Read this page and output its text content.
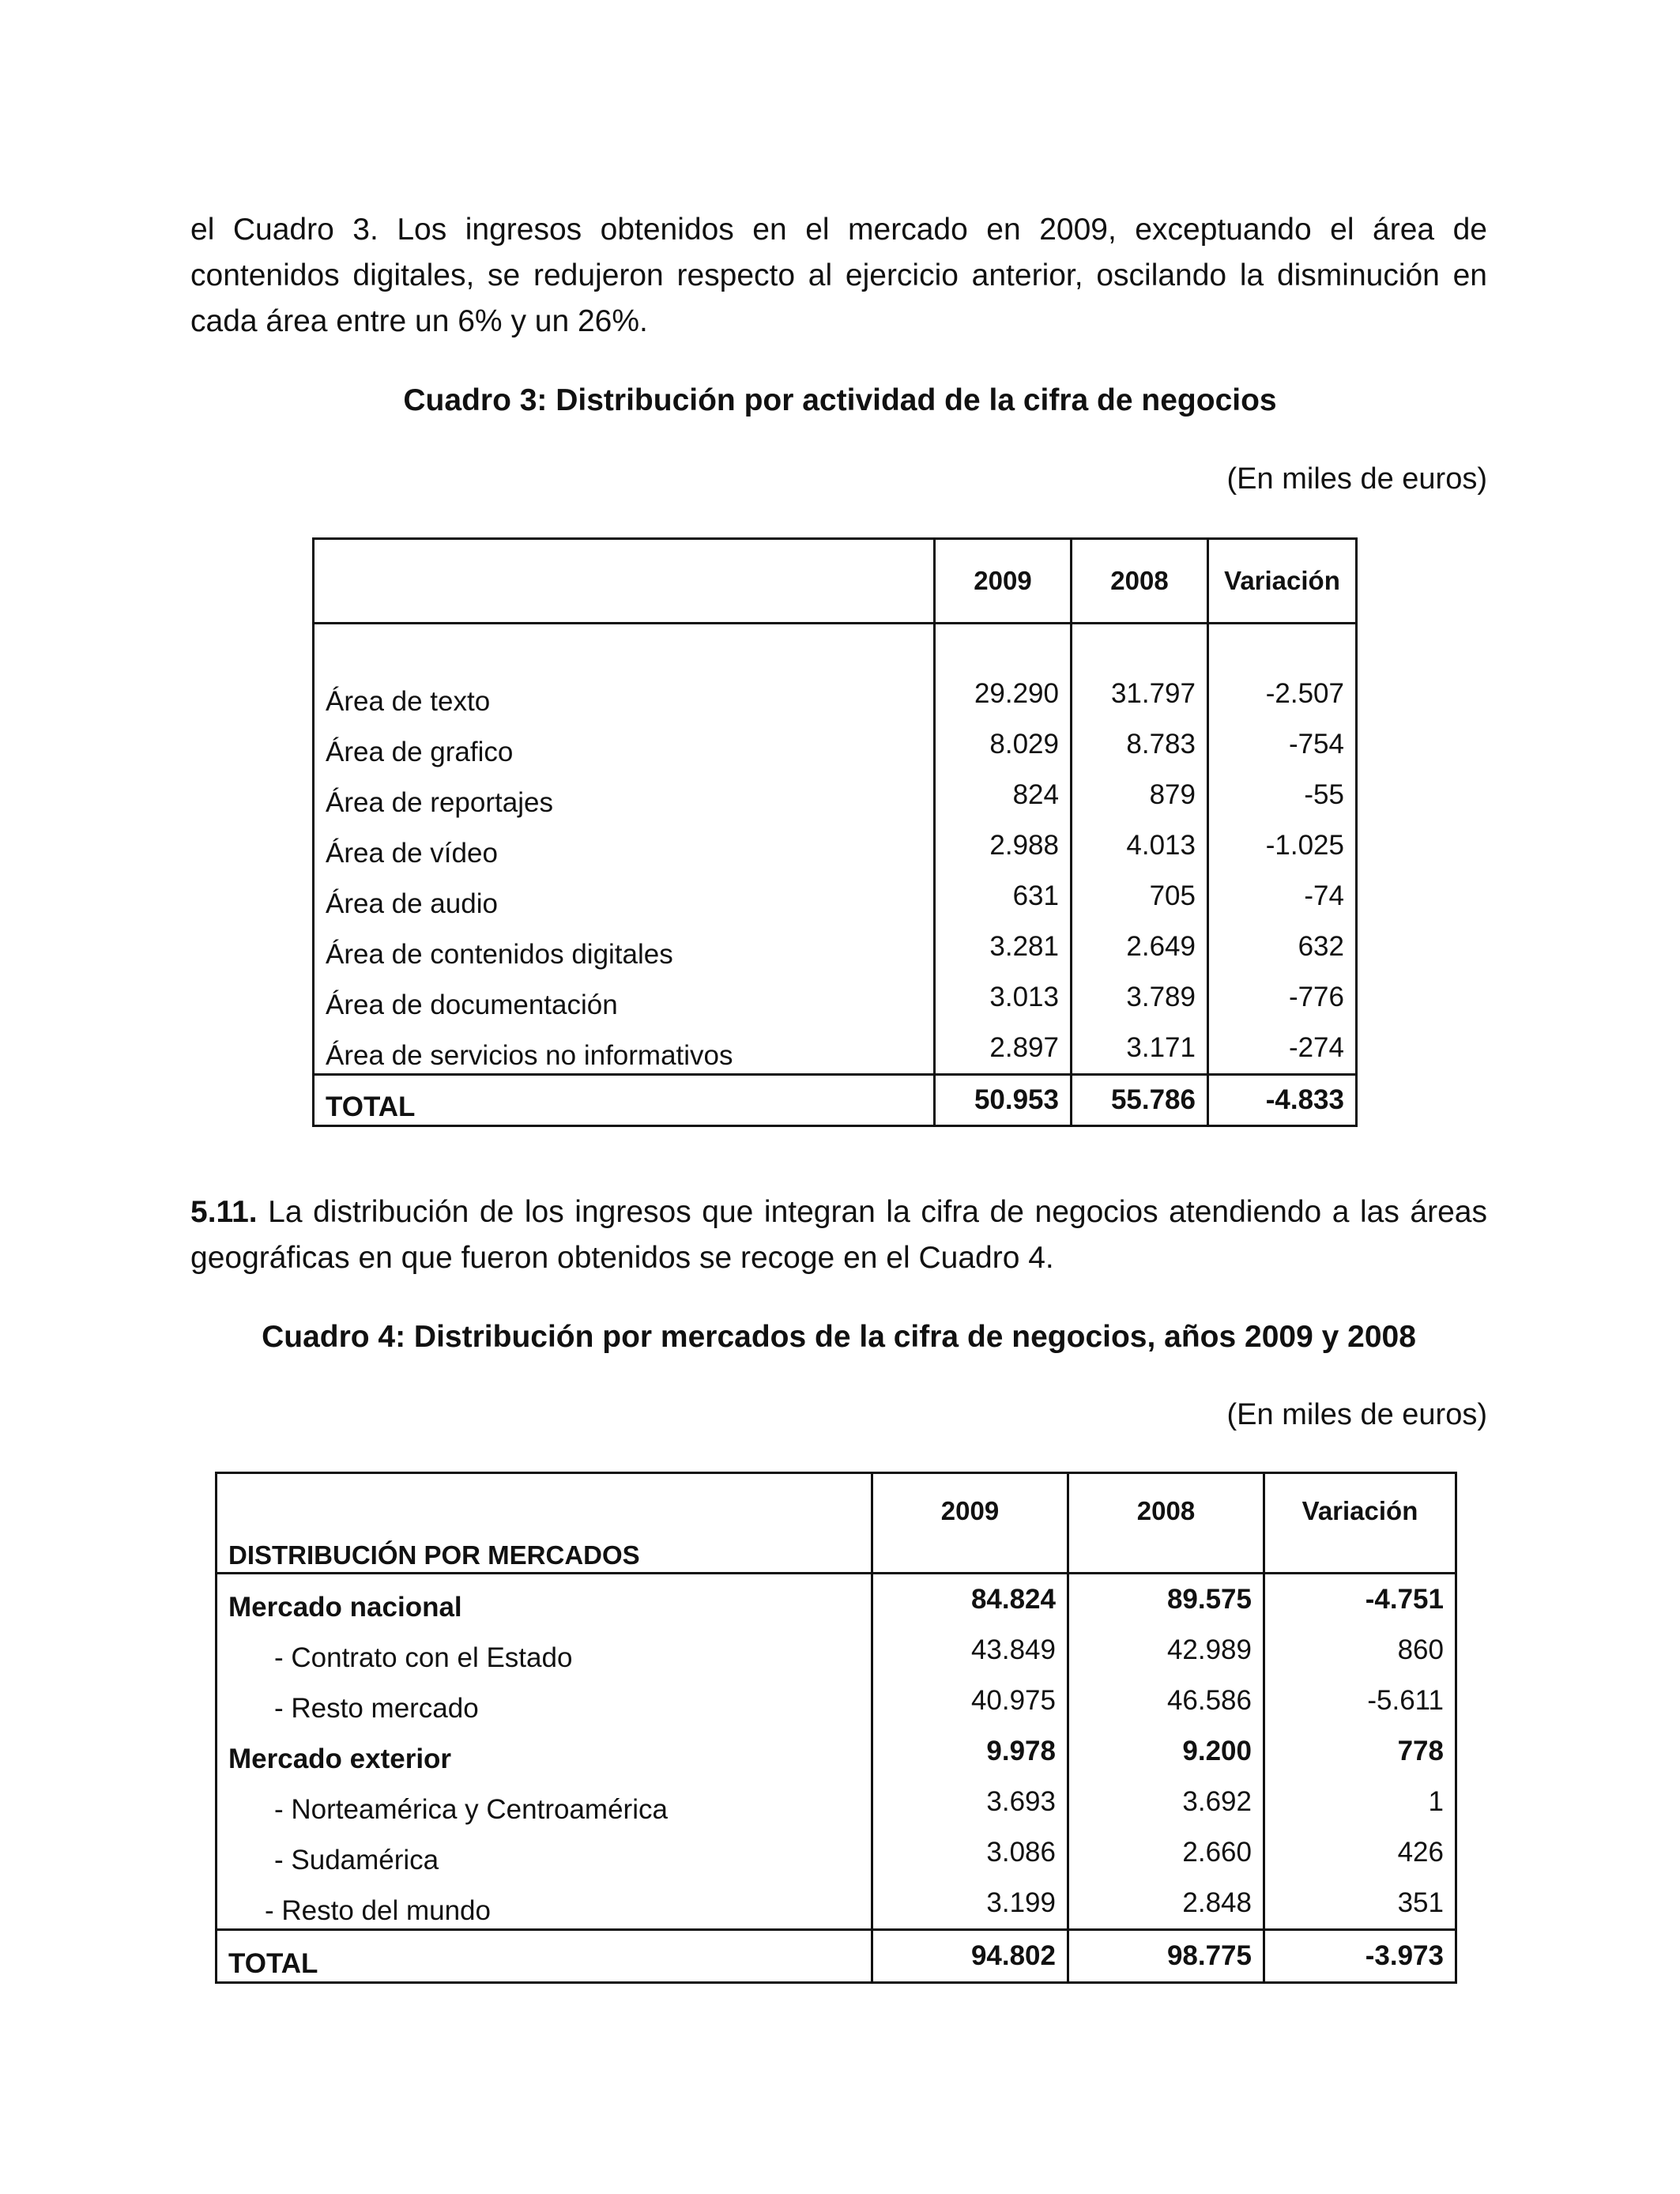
el Cuadro 3. Los ingresos obtenidos en el mercado en 2009, exceptuando el área de contenidos digitales, se redujeron respecto al ejercicio anterior, oscilando la disminución en cada área entre un 6% y un 26%.

Cuadro 3: Distribución por actividad de la cifra de negocios

(En miles de euros)

	2009	2008	Variación

Área de texto	29.290	31.797	-2.507
Área de grafico	8.029	8.783	-754
Área de reportajes	824	879	-55
Área de vídeo	2.988	4.013	-1.025
Área de audio	631	705	-74
Área de contenidos digitales	3.281	2.649	632
Área de documentación	3.013	3.789	-776
Área de servicios no informativos	2.897	3.171	-274
TOTAL	50.953	55.786	-4.833

5.11. La distribución de los ingresos que integran la cifra de negocios atendiendo a las áreas geográficas en que fueron obtenidos se recoge en el Cuadro 4.

Cuadro 4: Distribución por mercados de la cifra de negocios, años 2009 y 2008

(En miles de euros)

DISTRIBUCIÓN POR MERCADOS	2009	2008	Variación
Mercado nacional	84.824	89.575	-4.751
- Contrato con el Estado	43.849	42.989	860
- Resto mercado	40.975	46.586	-5.611
Mercado exterior	9.978	9.200	778
- Norteamérica y Centroamérica	3.693	3.692	1
- Sudamérica	3.086	2.660	426
- Resto del mundo	3.199	2.848	351
TOTAL	94.802	98.775	-3.973
